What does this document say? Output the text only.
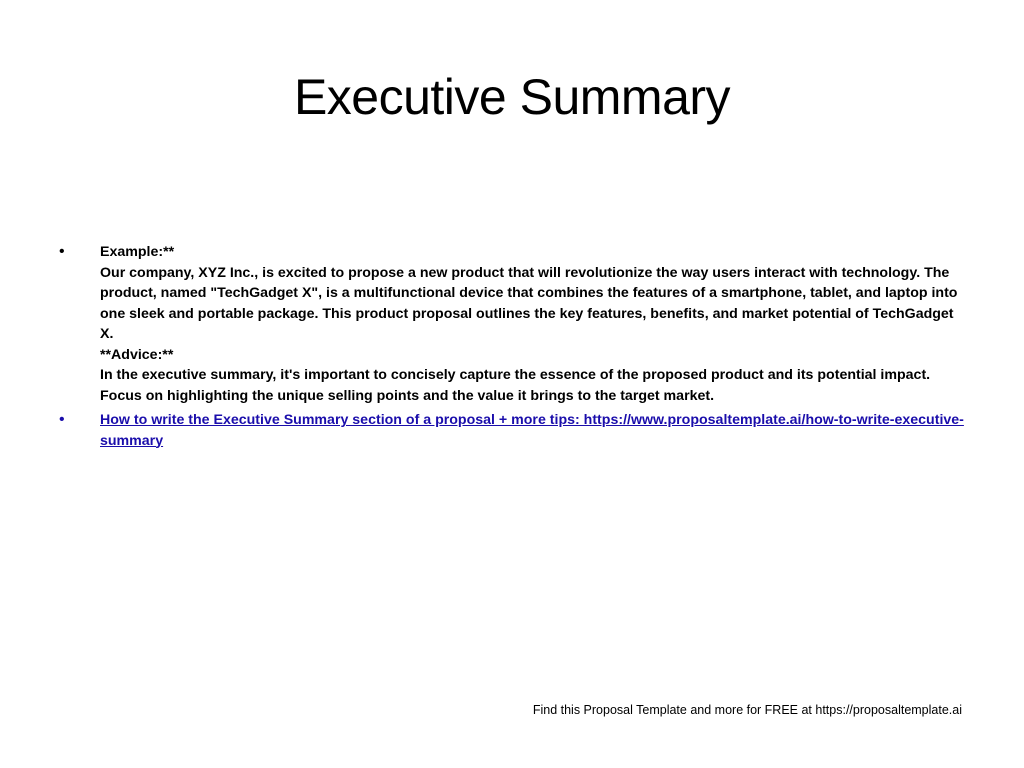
Executive Summary
• Example:**
Our company, XYZ Inc., is excited to propose a new product that will revolutionize the way users interact with technology. The product, named "TechGadget X", is a multifunctional device that combines the features of a smartphone, tablet, and laptop into one sleek and portable package. This product proposal outlines the key features, benefits, and market potential of TechGadget X.
**Advice:**
In the executive summary, it's important to concisely capture the essence of the proposed product and its potential impact. Focus on highlighting the unique selling points and the value it brings to the target market.
• How to write the Executive Summary section of a proposal + more tips: https://www.proposaltemplate.ai/how-to-write-executive-summary
Find this Proposal Template and more for FREE at https://proposaltemplate.ai
